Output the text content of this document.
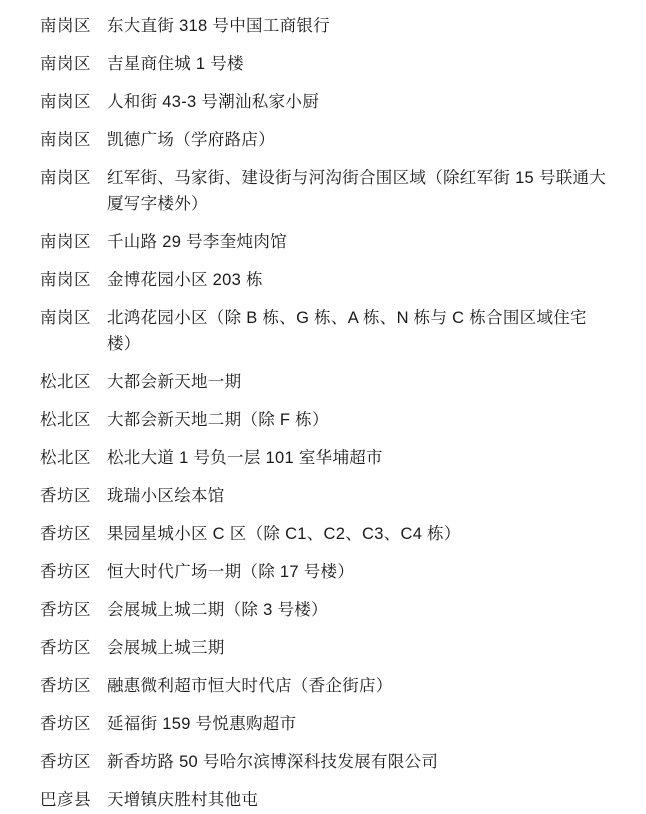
南岗区 东大直街 318 号中国工商银行
南岗区 吉星商住城 1 号楼
南岗区 人和街 43-3 号潮汕私家小厨
南岗区 凯德广场（学府路店）
南岗区 红军街、马家街、建设街与河沟街合围区域（除红军街 15 号联通大厦写字楼外）
南岗区 千山路 29 号李奎炖肉馆
南岗区 金博花园小区 203 栋
南岗区 北鸿花园小区（除 B 栋、G 栋、A 栋、N 栋与 C 栋合围区域住宅楼）
松北区 大都会新天地一期
松北区 大都会新天地二期（除 F 栋）
松北区 松北大道 1 号负一层 101 室华埔超市
香坊区 珑瑞小区绘本馆
香坊区 果园星城小区 C 区（除 C1、C2、C3、C4 栋）
香坊区 恒大时代广场一期（除 17 号楼）
香坊区 会展城上城二期（除 3 号楼）
香坊区 会展城上城三期
香坊区 融惠微利超市恒大时代店（香企街店）
香坊区 延福街 159 号悦惠购超市
香坊区 新香坊路 50 号哈尔滨博深科技发展有限公司
巴彦县 天增镇庆胜村其他屯
